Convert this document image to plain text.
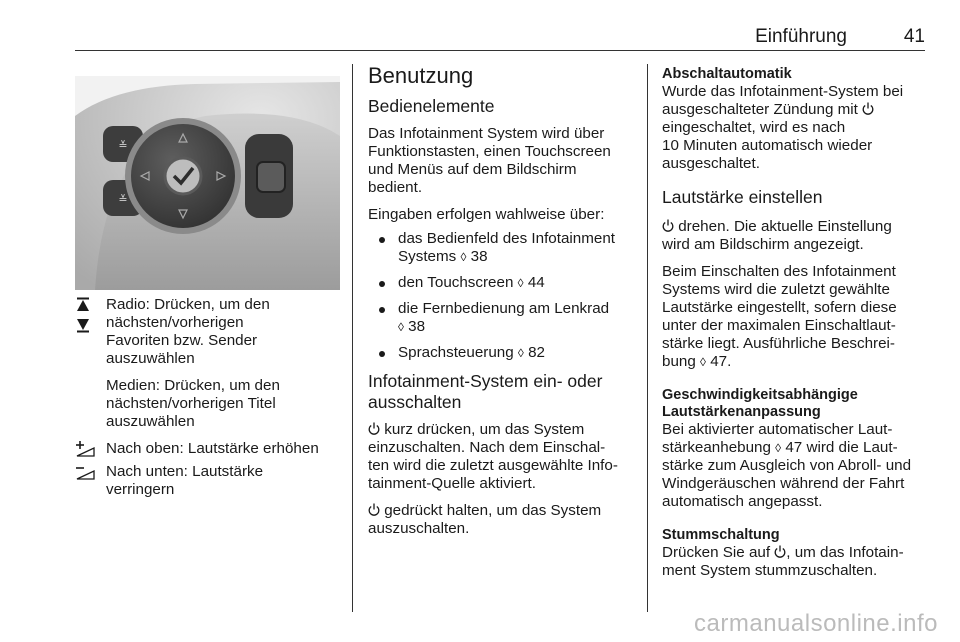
Einführung	41
≚
≚

Radio: Drücken, um den
nächsten/vorherigen
Favoriten bzw. Sender
auszuwählen

Medien: Drücken, um den
nächsten/vorherigen Titel
auszuwählen

Nach oben: Lautstärke erhöhen
Nach unten: Lautstärke
verringern
Benutzung
Bedienelemente

Das Infotainment System wird über
Funktionstasten, einen Touchscreen
und Menüs auf dem Bildschirm
bedient.

Eingaben erfolgen wahlweise über:

das Bedienfeld des Infotainment
Systems ◊ 38
den Touchscreen ◊ 44
die Fernbedienung am Lenkrad
◊ 38
Sprachsteuerung ◊ 82
Infotainment-System ein- oder
ausschalten

kurz drücken, um das System
einzuschalten. Nach dem Einschal-
ten wird die zuletzt ausgewählte Info-
tainment-Quelle aktiviert.

gedrückt halten, um das System
auszuschalten.

Abschaltautomatik

Wurde das Infotainment-System bei
ausgeschalteter Zündung mit
eingeschaltet, wird es nach
10 Minuten automatisch wieder
ausgeschaltet.

Lautstärke einstellen

drehen. Die aktuelle Einstellung
wird am Bildschirm angezeigt.

Beim Einschalten des Infotainment
Systems wird die zuletzt gewählte
Lautstärke eingestellt, sofern diese
unter der maximalen Einschaltlaut-
stärke liegt. Ausführliche Beschrei-
bung ◊ 47.

Geschwindigkeitsabhängige
Lautstärkenanpassung

Bei aktivierter automatischer Laut-
stärkeanhebung ◊ 47 wird die Laut-
stärke zum Ausgleich von Abroll- und
Windgeräuschen während der Fahrt
automatisch angepasst.

Stummschaltung

Drücken Sie auf , um das Infotain-
ment System stummzuschalten.

carmanualsonline.info
